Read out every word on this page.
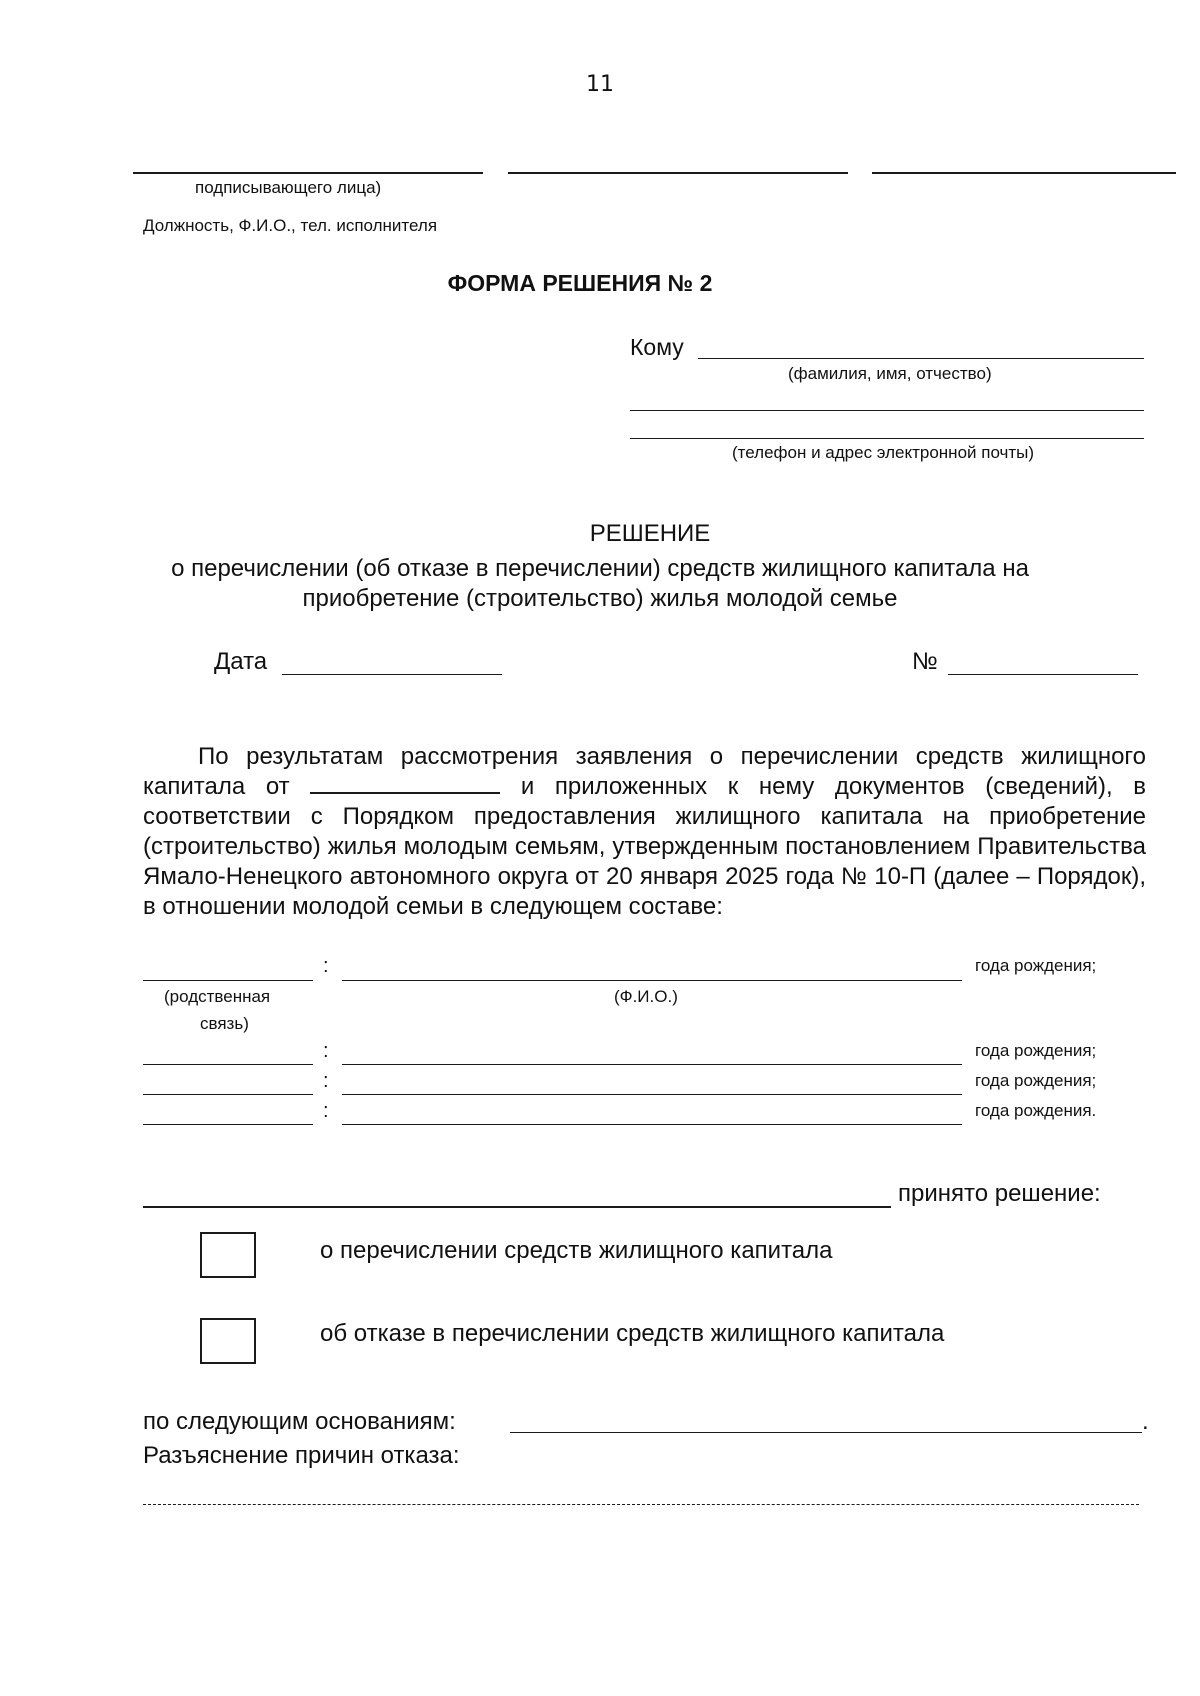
11
подписывающего лица)
Должность, Ф.И.О., тел. исполнителя
ФОРМА РЕШЕНИЯ № 2
Кому
(фамилия, имя, отчество)
(телефон и адрес электронной почты)
РЕШЕНИЕ
о перечислении (об отказе в перечислении) средств жилищного капитала на
приобретение (строительство) жилья молодой семье
Дата	№
По результатам рассмотрения заявления о перечислении средств жилищного капитала от	и приложенных к нему документов (сведений), в соответствии с Порядком предоставления жилищного капитала на приобретение (строительство) жилья молодым семьям, утвержденным постановлением Правительства Ямало-Ненецкого автономного округа от 20 января 2025 года № 10-П (далее – Порядок), в отношении молодой семьи в следующем составе:
:	года рождения;
(родственная
связь)
(Ф.И.О.)
:	года рождения;
:	года рождения;
:	года рождения.
принято решение:
о перечислении средств жилищного капитала
об отказе в перечислении средств жилищного капитала
по следующим основаниям:	.
Разъяснение причин отказа:
